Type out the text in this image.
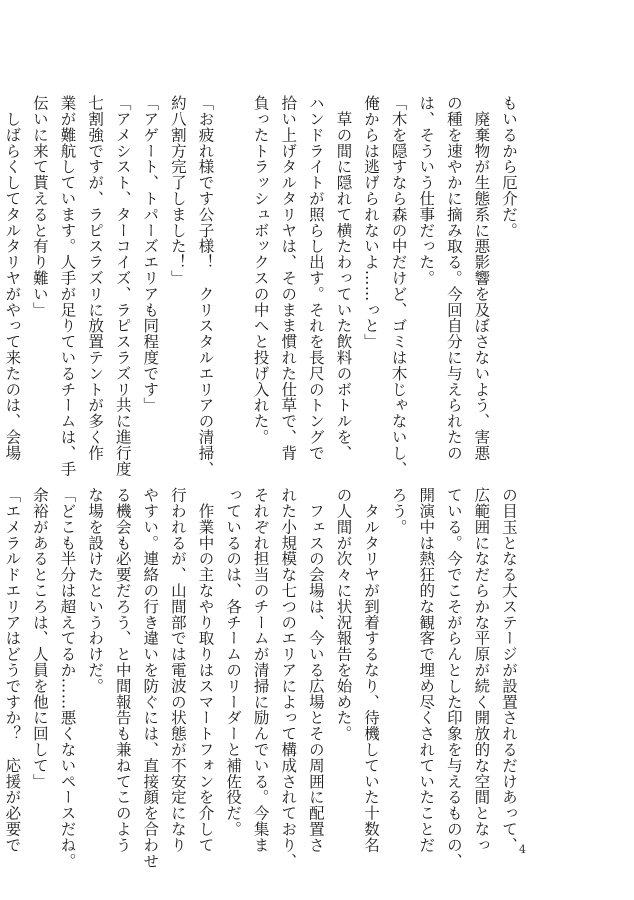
もいるから厄介だ。
　廃棄物が生態系に悪影響を及ぼさないよう、害悪
の種を速やかに摘み取る。今回自分に与えられたの
は、そういう仕事だった。
「木を隠すなら森の中だけど、ゴミは木じゃないし、
俺からは逃げられないよ……っと」
　草の間に隠れて横たわっていた飲料のボトルを、
ハンドライトが照らし出す。それを長尺のトングで
拾い上げタルタリヤは、そのまま慣れた仕草で、背
負ったトラッシュボックスの中へと投げ入れた。

「お疲れ様です公子様！　クリスタルエリアの清掃、
約八割方完了しました！」
「アゲート、トパーズエリアも同程度です」
「アメシスト、ターコイズ、ラピスラズリ共に進行度
七割強ですが、ラピスラズリに放置テントが多く作
業が難航しています。人手が足りているチームは、手
伝いに来て貰えると有り難い」
　しばらくしてタルタリヤがやって来たのは、会場
の目玉となる大ステージが設置されるだけあって、
広範囲になだらかな平原が続く開放的な空間となっ
ている。今でこそがらんとした印象を与えるものの、
開演中は熱狂的な観客で埋め尽くされていたことだ
ろう。
　タルタリヤが到着するなり、待機していた十数名
の人間が次々に状況報告を始めた。
　フェスの会場は、今いる広場とその周囲に配置さ
れた小規模な七つのエリアによって構成されており、
それぞれ担当のチームが清掃に励んでいる。今集ま
っているのは、各チームのリーダーと補佐役だ。
　作業中の主なやり取りはスマートフォンを介して
行われるが、山間部では電波の状態が不安定になり
やすい。連絡の行き違いを防ぐには、直接顔を合わせ
る機会も必要だろう、と中間報告も兼ねてこのよう
な場を設けたというわけだ。
「どこも半分は超えてるか……悪くないペースだね。
余裕があるところは、人員を他に回して」
「エメラルドエリアはどうですか？　応援が必要で	4
